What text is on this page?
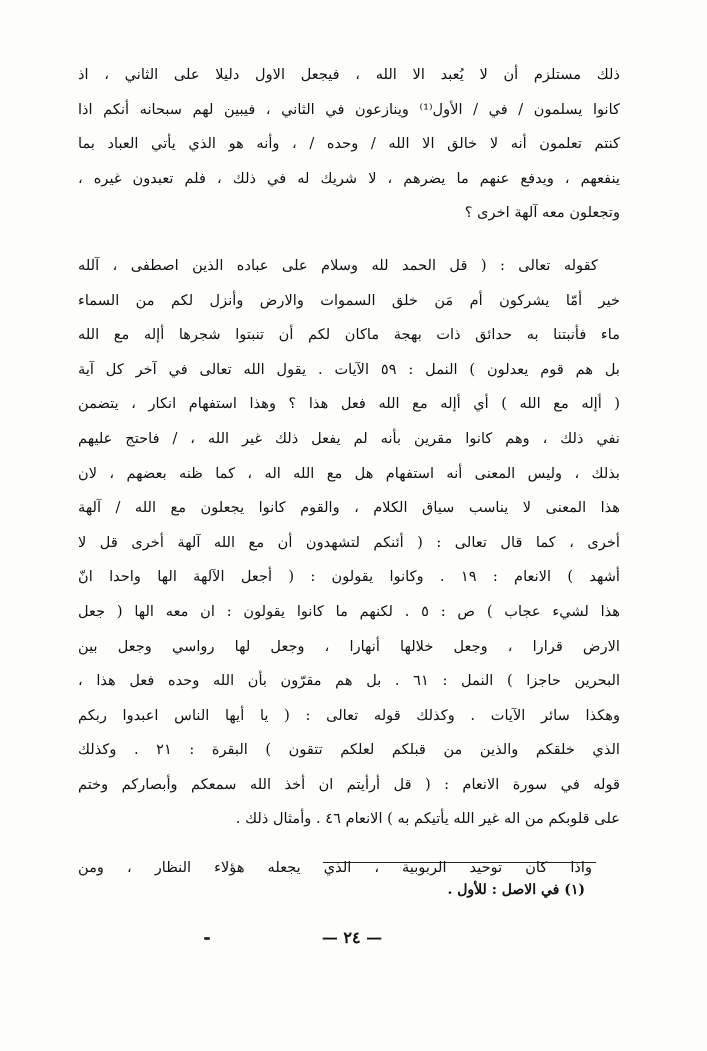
ذلك مستلزم أن لا يُعبد الا الله ، فيجعل الاول دليلا على الثاني ، اذ
كانوا يسلمون / في / الأول⁽¹⁾ وينازعون في الثاني ، فيبين لهم سبحانه أنكم اذا
كنتم تعلمون أنه لا خالق الا الله / وحده / ، وأنه هو الذي يأتي العباد بما
ينفعهم ، ويدفع عنهم ما يضرهم ، لا شريك له في ذلك ، فلم تعبدون غيره ،
وتجعلون معه آلهة اخرى ؟
كقوله تعالى : ( قل الحمد لله وسلام على عباده الذين اصطفى ، آلله
خير أمّا يشركون أم مَن خلق السموات والارض وأنزل لكم من السماء
ماء فأنبتنا به حدائق ذات بهجة ماكان لكم أن تنبتوا شجرها أإله مع الله
بل هم قوم يعدلون ) النمل : ٥٩ الآيات . يقول الله تعالى في آخر كل آية
( أإله مع الله ) أي أإله مع الله فعل هذا ؟ وهذا استفهام انكار ، يتضمن
نفي ذلك ، وهم كانوا مقرين بأنه لم يفعل ذلك غير الله ، / فاحتج عليهم
بذلك ، وليس المعنى أنه استفهام هل مع الله اله ، كما ظنه بعضهم ، لان
هذا المعنى لا يناسب سياق الكلام ، والقوم كانوا يجعلون مع الله / آلهة
أخرى ، كما قال تعالى : ( أئنكم لتشهدون أن مع الله آلهة أخرى قل لا
أشهد ) الانعام : ١٩ . وكانوا يقولون : ( أجعل الآلهة الها واحدا انّ
هذا لشيء عجاب ) ص : ٥ . لكنهم ما كانوا يقولون : ان معه الها ( جعل
الارض قرارا ، وجعل خلالها أنهارا ، وجعل لها رواسي وجعل بين
البحرين حاجزا ) النمل : ٦١ . بل هم مقرّون بأن الله وحده فعل هذا ،
وهكذا سائر الآيات . وكذلك قوله تعالى : ( يا أيها الناس اعبدوا ربكم
الذي خلقكم والذين من قبلكم لعلكم تتقون ) البقرة : ٢١ . وكذلك
قوله في سورة الانعام : ( قل أرأيتم ان أخذ الله سمعكم وأبصاركم وختم
على قلوبكم من اله غير الله يأتيكم به ) الانعام ٤٦ . وأمثال ذلك .
واذا كان توحيد الربوبية ، الذي يجعله هؤلاء النظار ، ومن
(١) في الاصل : للأول .
— ٢٤ —
